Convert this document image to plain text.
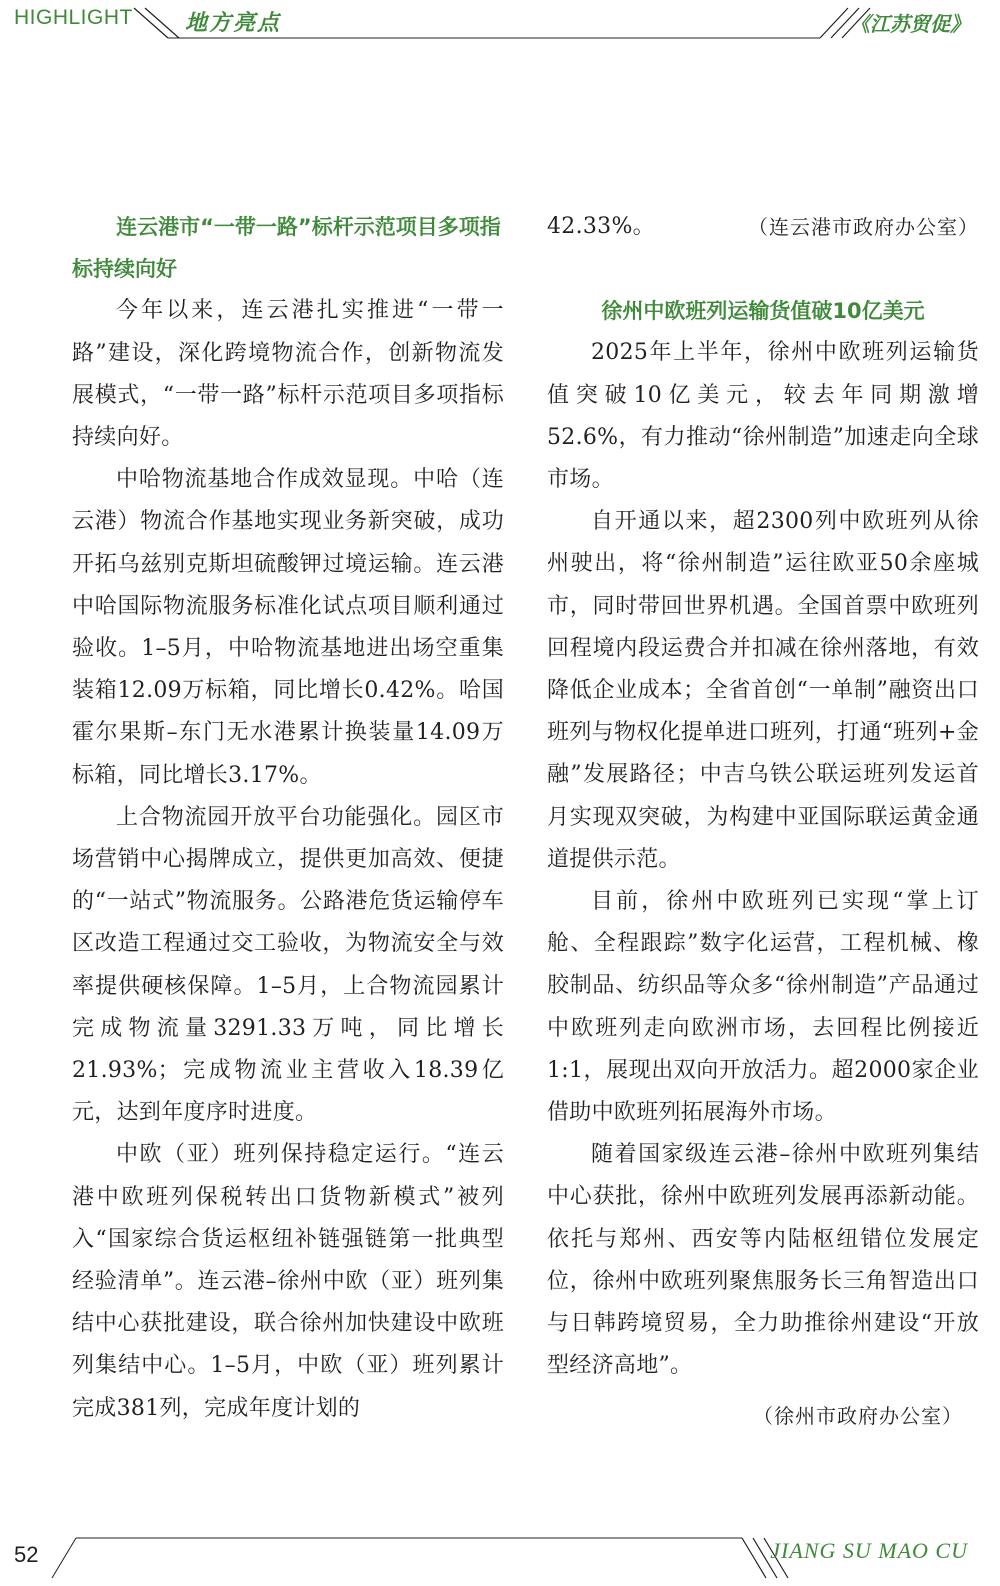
HIGHLIGHT 地方亮点	《江苏贸促》
连云港市“一带一路”标杆示范项目多项指标持续向好

今年以来，连云港扎实推进“一带一路”建设，深化跨境物流合作，创新物流发展模式，“一带一路”标杆示范项目多项指标持续向好。

中哈物流基地合作成效显现。中哈（连云港）物流合作基地实现业务新突破，成功开拓乌兹别克斯坦硫酸钾过境运输。连云港中哈国际物流服务标准化试点项目顺利通过验收。1–5月，中哈物流基地进出场空重集装箱12.09万标箱，同比增长0.42%。哈国霍尔果斯–东门无水港累计换装量14.09万标箱，同比增长3.17%。

上合物流园开放平台功能强化。园区市场营销中心揭牌成立，提供更加高效、便捷的“一站式”物流服务。公路港危货运输停车区改造工程通过交工验收，为物流安全与效率提供硬核保障。1–5月，上合物流园累计完成物流量3291.33万吨，同比增长21.93%；完成物流业主营收入18.39亿元，达到年度序时进度。

中欧（亚）班列保持稳定运行。“连云港中欧班列保税转出口货物新模式”被列入“国家综合货运枢纽补链强链第一批典型经验清单”。连云港–徐州中欧（亚）班列集结中心获批建设，联合徐州加快建设中欧班列集结中心。1–5月，中欧（亚）班列累计完成381列，完成年度计划的

42.33%。	（连云港市政府办公室）
徐州中欧班列运输货值破10亿美元

2025年上半年，徐州中欧班列运输货值突破10亿美元，较去年同期激增52.6%，有力推动“徐州制造”加速走向全球市场。

自开通以来，超2300列中欧班列从徐州驶出，将“徐州制造”运往欧亚50余座城市，同时带回世界机遇。全国首票中欧班列回程境内段运费合并扣减在徐州落地，有效降低企业成本；全省首创“一单制”融资出口班列与物权化提单进口班列，打通“班列+金融”发展路径；中吉乌铁公联运班列发运首月实现双突破，为构建中亚国际联运黄金通道提供示范。

目前，徐州中欧班列已实现“掌上订舱、全程跟踪”数字化运营，工程机械、橡胶制品、纺织品等众多“徐州制造”产品通过中欧班列走向欧洲市场，去回程比例接近1:1，展现出双向开放活力。超2000家企业借助中欧班列拓展海外市场。

随着国家级连云港–徐州中欧班列集结中心获批，徐州中欧班列发展再添新动能。依托与郑州、西安等内陆枢纽错位发展定位，徐州中欧班列聚焦服务长三角智造出口与日韩跨境贸易，全力助推徐州建设“开放型经济高地”。

（徐州市政府办公室）
52	JIANG SU MAO CU
